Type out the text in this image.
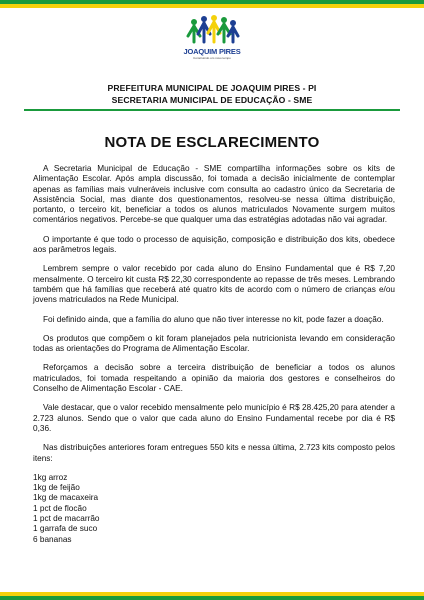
JOAQUIM PIRES
Construindo um novo tempo
PREFEITURA MUNICIPAL DE JOAQUIM PIRES - PI
SECRETARIA MUNICIPAL DE EDUCAÇÃO - SME
NOTA DE ESCLARECIMENTO

A Secretaria Municipal de Educação - SME compartilha informações sobre os kits de Alimentação Escolar. Após ampla discussão, foi tomada a decisão inicialmente de contemplar apenas as famílias mais vulneráveis inclusive com consulta ao cadastro único da Secretaria de Assistência Social, mas diante dos questionamentos, resolveu-se nessa última distribuição, portanto, o terceiro kit, beneficiar a todos os alunos matriculados Novamente surgem muitos comentários negativos. Percebe-se que qualquer uma das estratégias adotadas não vai agradar.

O importante é que todo o processo de aquisição, composição e distribuição dos kits, obedece aos parâmetros legais.

Lembrem sempre o valor recebido por cada aluno do Ensino Fundamental que é R$ 7,20 mensalmente. O terceiro kit custa R$ 22,30 correspondente ao repasse de três meses. Lembrando também que há famílias que receberá até quatro kits de acordo com o número de crianças e/ou jovens matriculados na Rede Municipal.

Foi definido ainda, que a família do aluno que não tiver interesse no kit, pode fazer a doação.

Os produtos que compõem o kit foram planejados pela nutricionista levando em consideração todas as orientações do Programa de Alimentação Escolar.

Reforçamos a decisão sobre a terceira distribuição de beneficiar a todos os alunos matriculados, foi tomada respeitando a opinião da maioria dos gestores e conselheiros do Conselho de Alimentação Escolar - CAE.

Vale destacar, que o valor recebido mensalmente pelo município é R$ 28.425,20 para atender a 2.723 alunos. Sendo que o valor que cada aluno do Ensino Fundamental recebe por dia é R$ 0,36.

Nas distribuições anteriores foram entregues 550 kits e nessa última, 2.723 kits composto pelos itens:

1kg arroz
1kg de feijão
1kg de macaxeira
1 pct de flocão
1 pct de macarrão
1 garrafa de suco
6 bananas
